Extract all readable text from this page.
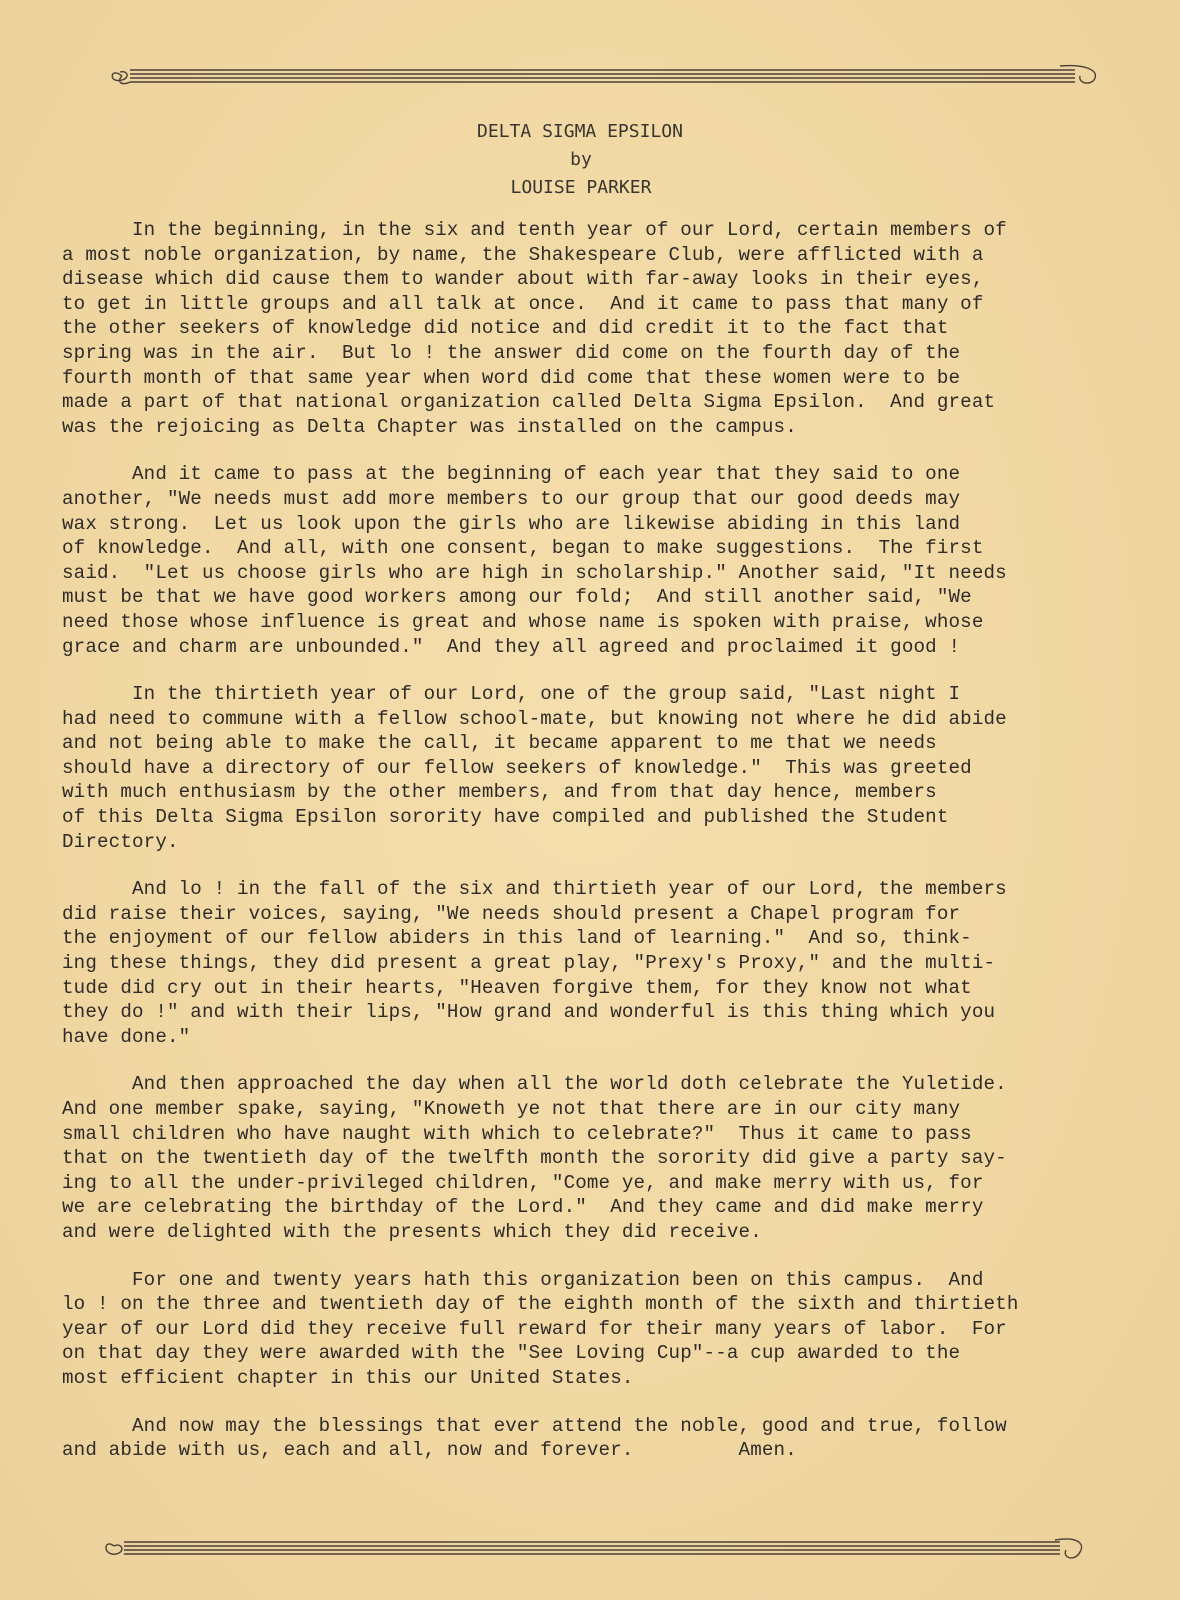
DELTA SIGMA EPSILON
by
LOUISE PARKER
In the beginning, in the six and tenth year of our Lord, certain members of
a most noble organization, by name, the Shakespeare Club, were afflicted with a
disease which did cause them to wander about with far-away looks in their eyes,
to get in little groups and all talk at once.  And it came to pass that many of
the other seekers of knowledge did notice and did credit it to the fact that
spring was in the air.  But lo ! the answer did come on the fourth day of the
fourth month of that same year when word did come that these women were to be
made a part of that national organization called Delta Sigma Epsilon.  And great
was the rejoicing as Delta Chapter was installed on the campus.
And it came to pass at the beginning of each year that they said to one
another, "We needs must add more members to our group that our good deeds may
wax strong.  Let us look upon the girls who are likewise abiding in this land
of knowledge.  And all, with one consent, began to make suggestions.  The first
said.  "Let us choose girls who are high in scholarship." Another said, "It needs
must be that we have good workers among our fold;  And still another said, "We
need those whose influence is great and whose name is spoken with praise, whose
grace and charm are unbounded."  And they all agreed and proclaimed it good !
In the thirtieth year of our Lord, one of the group said, "Last night I
had need to commune with a fellow school-mate, but knowing not where he did abide
and not being able to make the call, it became apparent to me that we needs
should have a directory of our fellow seekers of knowledge."  This was greeted
with much enthusiasm by the other members, and from that day hence, members
of this Delta Sigma Epsilon sorority have compiled and published the Student
Directory.
And lo ! in the fall of the six and thirtieth year of our Lord, the members
did raise their voices, saying, "We needs should present a Chapel program for
the enjoyment of our fellow abiders in this land of learning."  And so, think-
ing these things, they did present a great play, "Prexy's Proxy," and the multi-
tude did cry out in their hearts, "Heaven forgive them, for they know not what
they do !" and with their lips, "How grand and wonderful is this thing which you
have done."
And then approached the day when all the world doth celebrate the Yuletide.
And one member spake, saying, "Knoweth ye not that there are in our city many
small children who have naught with which to celebrate?"  Thus it came to pass
that on the twentieth day of the twelfth month the sorority did give a party say-
ing to all the under-privileged children, "Come ye, and make merry with us, for
we are celebrating the birthday of the Lord."  And they came and did make merry
and were delighted with the presents which they did receive.
For one and twenty years hath this organization been on this campus.  And
lo ! on the three and twentieth day of the eighth month of the sixth and thirtieth
year of our Lord did they receive full reward for their many years of labor.  For
on that day they were awarded with the "See Loving Cup"--a cup awarded to the
most efficient chapter in this our United States.
And now may the blessings that ever attend the noble, good and true, follow
and abide with us, each and all, now and forever.         Amen.
